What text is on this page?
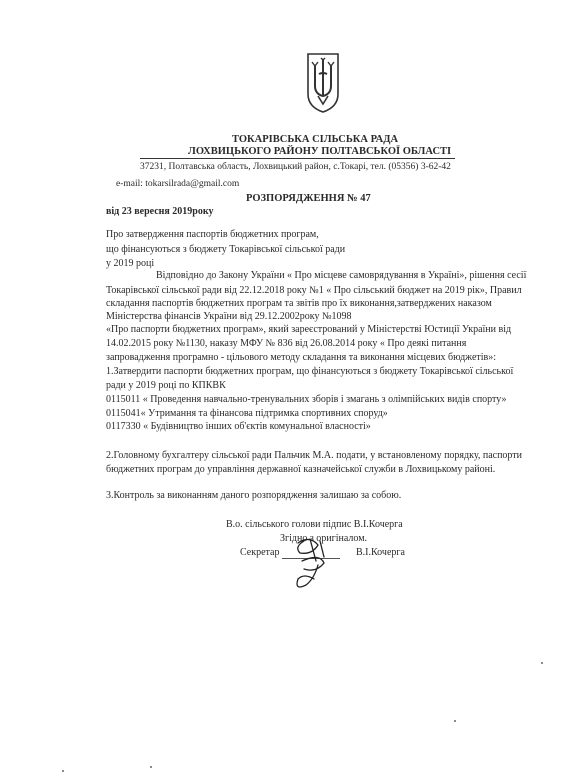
ТОКАРІВСЬКА СІЛЬСЬКА РАДА
ЛОХВИЦЬКОГО РАЙОНУ ПОЛТАВСЬКОЇ ОБЛАСТІ
37231, Полтавська область, Лохвицький район, с.Токарі, тел. (05356) 3-62-42
e-mail: tokarsilrada@gmail.com
РОЗПОРЯДЖЕННЯ № 47
від 23 вересня 2019року
Про затвердження паспортів бюджетних програм,
що фінансуються з бюджету Токарівської сільської ради
у 2019 році
Відповідно до Закону України « Про місцеве самоврядування в Україні», рішення сесії
Токарівської сільської ради від 22.12.2018 року №1 « Про сільський бюджет на 2019 рік», Правил
складання паспортів бюджетних програм та звітів про їх виконання,затверджених наказом
Міністерства фінансів України від 29.12.2002року №1098
«Про паспорти бюджетних програм», який зареєстрований у Міністерстві Юстиції України від
14.02.2015 року №1130, наказу МФУ № 836 від 26.08.2014 року « Про деякі питання
запровадження програмно - цільового методу складання та виконання місцевих бюджетів»:
1.Затвердити паспорти бюджетних програм, що фінансуються з бюджету Токарівської сільської
ради у 2019 році по КПКВК
0115011 « Проведення навчально-тренувальних зборів і змагань з олімпійських видів спорту»
0115041« Утримання та фінансова підтримка спортивних споруд»
0117330 « Будівництво інших об'єктів комунальної власності»
2.Головному бухгалтеру сільської ради Пальчик М.А. подати, у встановленому порядку, паспорти
бюджетних програм до управління державної казначейської служби в Лохвицькому районі.
3.Контроль за виконанням даного розпорядження залишаю за собою.
В.о. сільського голови підпис В.І.Кочерга
Згідно з оригіналом.
Секретар	В.І.Кочерга
